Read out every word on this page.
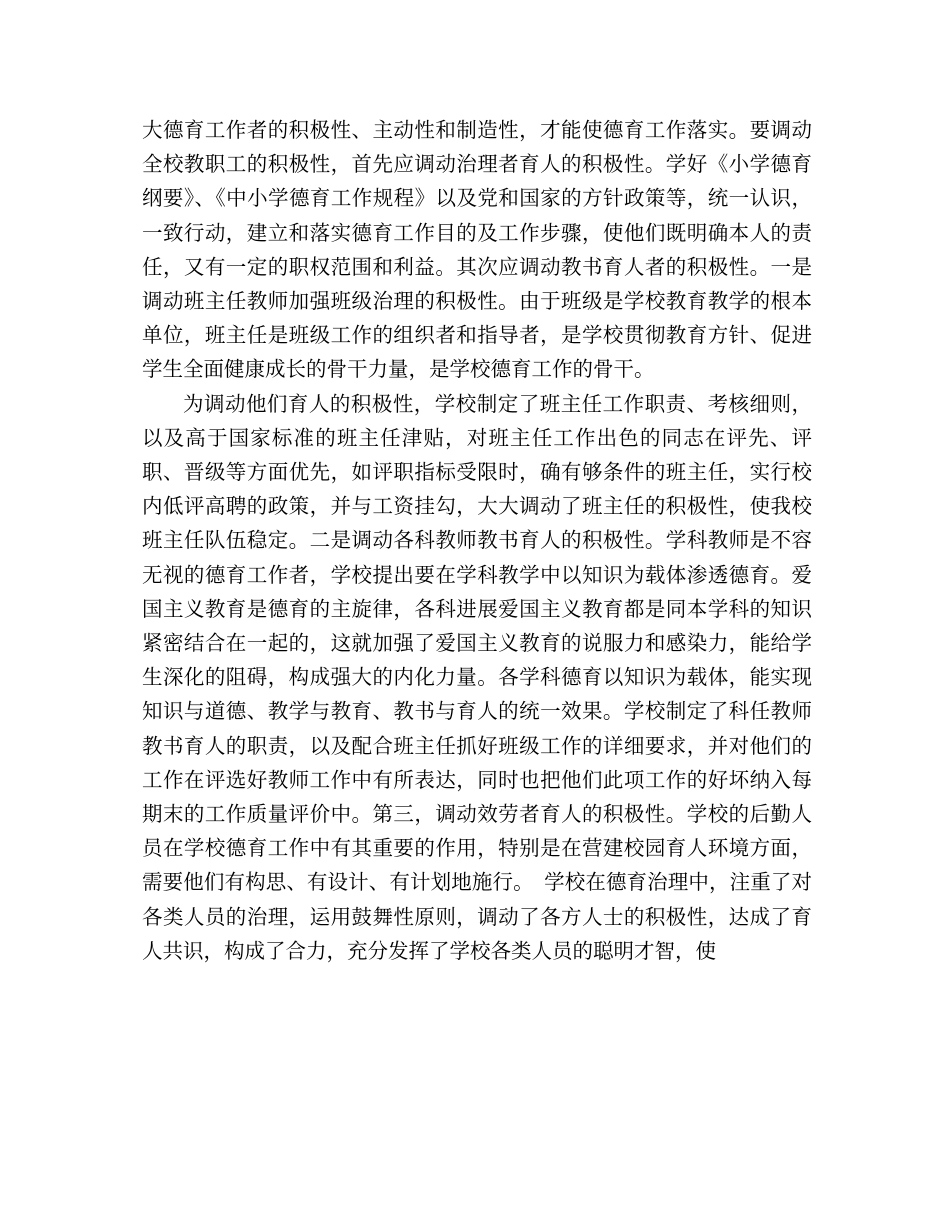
大德育工作者的积极性、主动性和制造性，才能使德育工作落实。要调动全校教职工的积极性，首先应调动治理者育人的积极性。学好《小学德育纲要》、《中小学德育工作规程》以及党和国家的方针政策等，统一认识，一致行动，建立和落实德育工作目的及工作步骤，使他们既明确本人的责任，又有一定的职权范围和利益。其次应调动教书育人者的积极性。一是调动班主任教师加强班级治理的积极性。由于班级是学校教育教学的根本单位，班主任是班级工作的组织者和指导者，是学校贯彻教育方针、促进学生全面健康成长的骨干力量，是学校德育工作的骨干。

为调动他们育人的积极性，学校制定了班主任工作职责、考核细则，以及高于国家标准的班主任津贴，对班主任工作出色的同志在评先、评职、晋级等方面优先，如评职指标受限时，确有够条件的班主任，实行校内低评高聘的政策，并与工资挂勾，大大调动了班主任的积极性，使我校班主任队伍稳定。二是调动各科教师教书育人的积极性。学科教师是不容无视的德育工作者，学校提出要在学科教学中以知识为载体渗透德育。爱国主义教育是德育的主旋律，各科进展爱国主义教育都是同本学科的知识紧密结合在一起的，这就加强了爱国主义教育的说服力和感染力，能给学生深化的阻碍，构成强大的内化力量。各学科德育以知识为载体，能实现知识与道德、教学与教育、教书与育人的统一效果。学校制定了科任教师教书育人的职责，以及配合班主任抓好班级工作的详细要求，并对他们的工作在评选好教师工作中有所表达，同时也把他们此项工作的好坏纳入每期末的工作质量评价中。第三，调动效劳者育人的积极性。学校的后勤人员在学校德育工作中有其重要的作用，特别是在营建校园育人环境方面，需要他们有构思、有设计、有计划地施行。　学校在德育治理中，注重了对各类人员的治理，运用鼓舞性原则，调动了各方人士的积极性，达成了育人共识，构成了合力，充分发挥了学校各类人员的聪明才智，使
